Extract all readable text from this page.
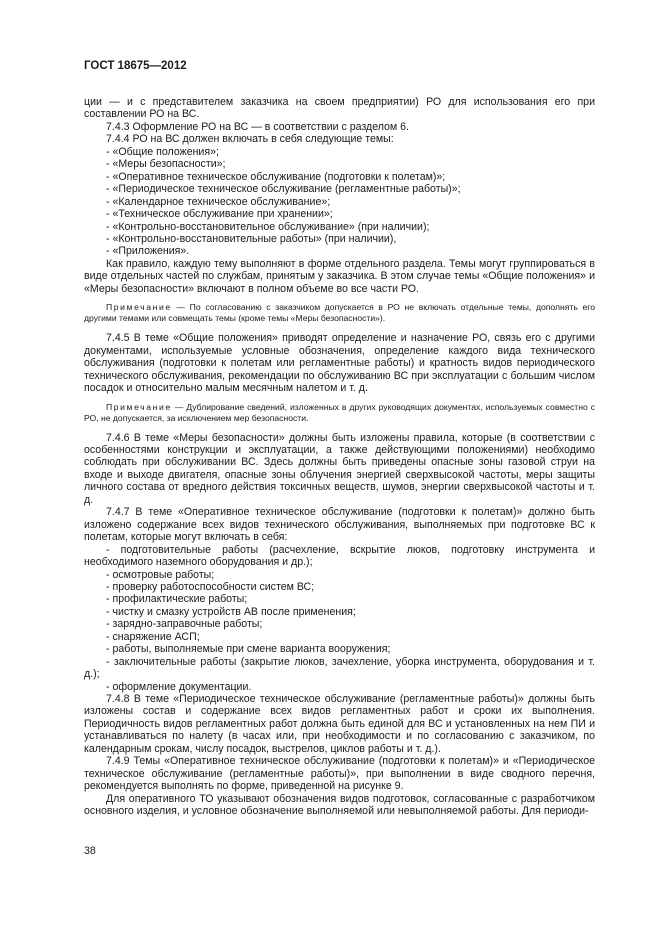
ГОСТ 18675—2012

ции — и с представителем заказчика на своем предприятии) РО для использования его при составлении РО на ВС.

7.4.3 Оформление РО на ВС — в соответствии с разделом 6.

7.4.4 РО на ВС должен включать в себя следующие темы:

- «Общие положения»;

- «Меры безопасности»;

- «Оперативное техническое обслуживание (подготовки к полетам)»;

- «Периодическое техническое обслуживание (регламентные работы)»;

- «Календарное техническое обслуживание»;

- «Техническое обслуживание при хранении»;

- «Контрольно-восстановительное обслуживание» (при наличии);

- «Контрольно-восстановительные работы» (при наличии),

- «Приложения».

Как правило, каждую тему выполняют в форме отдельного раздела. Темы могут группироваться в виде отдельных частей по службам, принятым у заказчика. В этом случае темы «Общие положения» и «Меры безопасности» включают в полном объеме во все части РО.

Примечание — По согласованию с заказчиком допускается в РО не включать отдельные темы, дополнять его другими темами или совмещать темы (кроме темы «Меры безопасности»).

7.4.5 В теме «Общие положения» приводят определение и назначение РО, связь его с другими документами, используемые условные обозначения, определение каждого вида технического обслуживания (подготовки к полетам или регламентные работы) и кратность видов периодического технического обслуживания, рекомендации по обслуживанию ВС при эксплуатации с большим числом посадок и относительно малым месячным налетом и т. д.

Примечание — Дублирование сведений, изложенных в других руководящих документах, используемых совместно с РО, не допускается, за исключением мер безопасности.

7.4.6 В теме «Меры безопасности» должны быть изложены правила, которые (в соответствии с особенностями конструкции и эксплуатации, а также действующими положениями) необходимо соблюдать при обслуживании ВС. Здесь должны быть приведены опасные зоны газовой струи на входе и выходе двигателя, опасные зоны облучения энергией сверхвысокой частоты, меры защиты личного состава от вредного действия токсичных веществ, шумов, энергии сверхвысокой частоты и т. д.

7.4.7 В теме «Оперативное техническое обслуживание (подготовки к полетам)» должно быть изложено содержание всех видов технического обслуживания, выполняемых при подготовке ВС к полетам, которые могут включать в себя:

- подготовительные работы (расчехление, вскрытие люков, подготовку инструмента и необходимого наземного оборудования и др.);

- осмотровые работы;

- проверку работоспособности систем ВС;

- профилактические работы;

- чистку и смазку устройств АВ после применения;

- зарядно-заправочные работы;

- снаряжение АСП;

- работы, выполняемые при смене варианта вооружения;

- заключительные работы (закрытие люков, зачехление, уборка инструмента, оборудования и т. д.);

- оформление документации.

7.4.8 В теме «Периодическое техническое обслуживание (регламентные работы)» должны быть изложены состав и содержание всех видов регламентных работ и сроки их выполнения. Периодичность видов регламентных работ должна быть единой для ВС и установленных на нем ПИ и устанавливаться по налету (в часах или, при необходимости и по согласованию с заказчиком, по календарным срокам, числу посадок, выстрелов, циклов работы и т. д.).

7.4.9 Темы «Оперативное техническое обслуживание (подготовки к полетам)» и «Периодическое техническое обслуживание (регламентные работы)», при выполнении в виде сводного перечня, рекомендуется выполнять по форме, приведенной на рисунке 9.

Для оперативного ТО указывают обозначения видов подготовок, согласованные с разработчиком основного изделия, и условное обозначение выполняемой или невыполняемой работы. Для периоди-

38
